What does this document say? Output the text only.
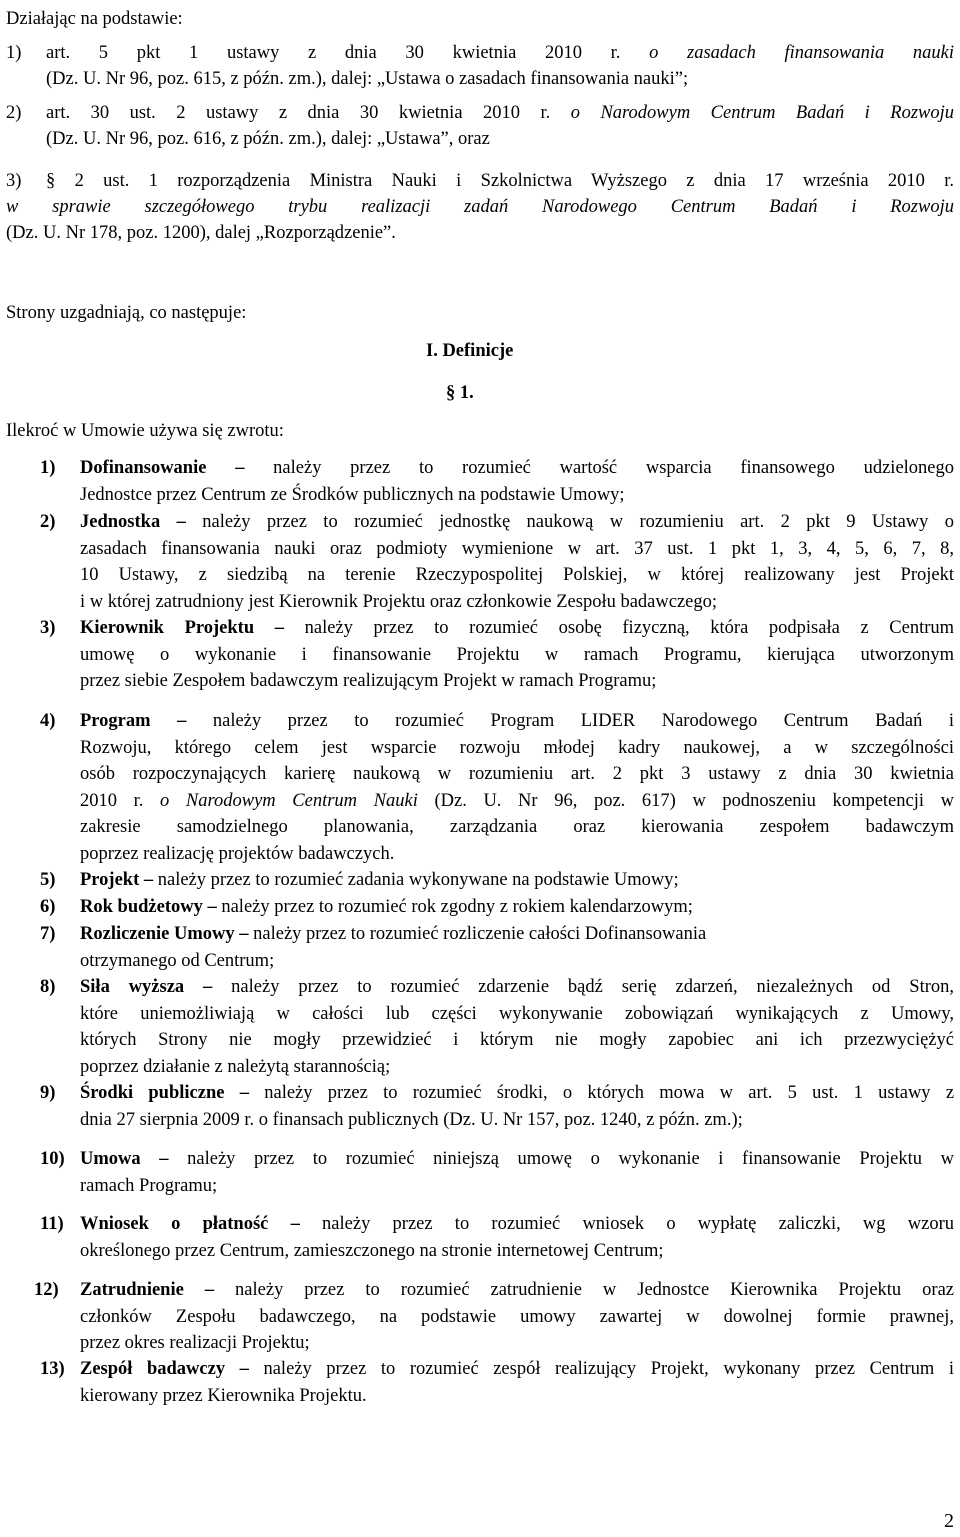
Działając na podstawie:
1) art. 5 pkt 1 ustawy z dnia 30 kwietnia 2010 r. o zasadach finansowania nauki
(Dz. U. Nr 96, poz. 615, z późn. zm.), dalej: „Ustawa o zasadach finansowania nauki”;
2) art. 30 ust. 2 ustawy z dnia 30 kwietnia 2010 r. o Narodowym Centrum Badań i Rozwoju
(Dz. U. Nr 96, poz. 616, z późn. zm.), dalej: „Ustawa”, oraz
3) § 2 ust. 1 rozporządzenia Ministra Nauki i Szkolnictwa Wyższego z dnia 17 września 2010 r.
w sprawie szczegółowego trybu realizacji zadań Narodowego Centrum Badań i Rozwoju
(Dz. U. Nr 178, poz. 1200), dalej „Rozporządzenie”.
Strony uzgadniają, co następuje:
I. Definicje
§ 1.
Ilekroć w Umowie używa się zwrotu:
1) Dofinansowanie – należy przez to rozumieć wartość wsparcia finansowego udzielonego
Jednostce przez Centrum ze Środków publicznych na podstawie Umowy;
2) Jednostka – należy przez to rozumieć jednostkę naukową w rozumieniu art. 2 pkt 9 Ustawy o
zasadach finansowania nauki oraz podmioty wymienione w art. 37 ust. 1 pkt 1, 3, 4, 5, 6, 7, 8,
10 Ustawy, z siedzibą na terenie Rzeczypospolitej Polskiej, w której realizowany jest Projekt
i w której zatrudniony jest Kierownik Projektu oraz członkowie Zespołu badawczego;
3) Kierownik Projektu – należy przez to rozumieć osobę fizyczną, która podpisała z Centrum
umowę o wykonanie i finansowanie Projektu w ramach Programu, kierująca utworzonym
przez siebie Zespołem badawczym realizującym Projekt w ramach Programu;
4) Program – należy przez to rozumieć Program LIDER Narodowego Centrum Badań i
Rozwoju, którego celem jest wsparcie rozwoju młodej kadry naukowej, a w szczególności
osób rozpoczynających karierę naukową w rozumieniu art. 2 pkt 3 ustawy z dnia 30 kwietnia
2010 r. o Narodowym Centrum Nauki (Dz. U. Nr 96, poz. 617) w podnoszeniu kompetencji w
zakresie samodzielnego planowania, zarządzania oraz kierowania zespołem badawczym
poprzez realizację projektów badawczych.
5) Projekt – należy przez to rozumieć zadania wykonywane na podstawie Umowy;
6) Rok budżetowy – należy przez to rozumieć rok zgodny z rokiem kalendarzowym;
7) Rozliczenie Umowy – należy przez to rozumieć rozliczenie całości Dofinansowania
otrzymanego od Centrum;
8) Siła wyższa – należy przez to rozumieć zdarzenie bądź serię zdarzeń, niezależnych od Stron,
które uniemożliwiają w całości lub części wykonywanie zobowiązań wynikających z Umowy,
których Strony nie mogły przewidzieć i którym nie mogły zapobiec ani ich przezwyciężyć
poprzez działanie z należytą starannością;
9) Środki publiczne – należy przez to rozumieć środki, o których mowa w art. 5 ust. 1 ustawy z
dnia 27 sierpnia 2009 r. o finansach publicznych (Dz. U. Nr 157, poz. 1240, z późn. zm.);
10) Umowa – należy przez to rozumieć niniejszą umowę o wykonanie i finansowanie Projektu w
ramach Programu;
11) Wniosek o płatność – należy przez to rozumieć wniosek o wypłatę zaliczki, wg wzoru
określonego przez Centrum, zamieszczonego na stronie internetowej Centrum;
12) Zatrudnienie – należy przez to rozumieć zatrudnienie w Jednostce Kierownika Projektu oraz
członków Zespołu badawczego, na podstawie umowy zawartej w dowolnej formie prawnej,
przez okres realizacji Projektu;
13) Zespół badawczy – należy przez to rozumieć zespół realizujący Projekt, wykonany przez Centrum i
kierowany przez Kierownika Projektu.
2
